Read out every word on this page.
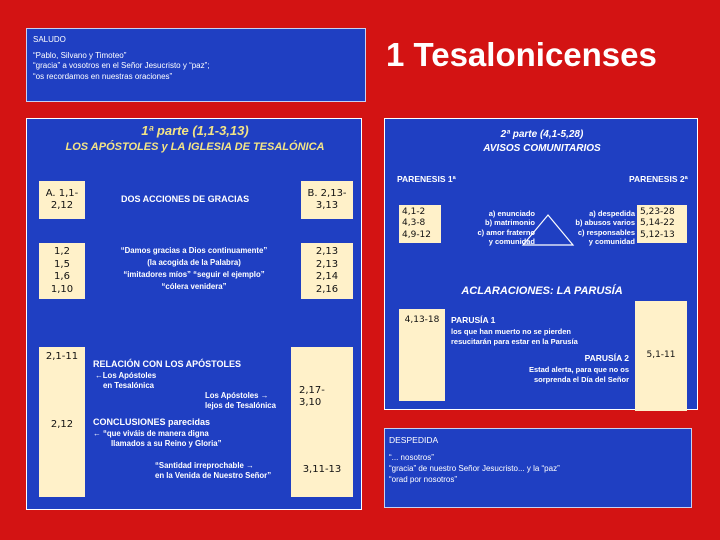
SALUDO
“Pablo, Silvano y Timoteo”
“gracia” a vosotros en el Señor Jesucristo y “paz”;
“os recordamos en nuestras oraciones”
1 Tesalonicenses
1ª parte (1,1-3,13)
LOS APÓSTOLES y LA IGLESIA DE TESALÓNICA
A. 1,1-
2,12
DOS ACCIONES DE GRACIAS
B. 2,13-
3,13
1,2
1,5
1,6
1,10
“Damos gracias a Dios continuamente”
(la acogida de la Palabra)
“imitadores míos” “seguir el ejemplo”
“cólera venidera”
2,13
2,13
2,14
2,16
2,1-11
2,12
2,17-
3,10
3,11-13
RELACIÓN CON LOS APÓSTOLES
←Los Apóstoles
en Tesalónica
Los Apóstoles →
lejos de Tesalónica
CONCLUSIONES parecidas
← “que viváis de manera digna
llamados a su Reino y Gloria”
“Santidad irreprochable →
en la Venida de Nuestro Señor”
2ª parte (4,1-5,28)
AVISOS COMUNITARIOS
PARENESIS 1ª	PARENESIS 2ª
4,1-2
4,3-8
4,9-12
5,23-28
5,14-22
5,12-13
a) enunciado
b) matrimonio
c) amor fraterno
y comunidad
a) despedida
b) abusos varios
c) responsables
y comunidad
ACLARACIONES: LA PARUSÍA
4,13-18
5,1-11
PARUSÍA 1
los que han muerto no se pierden
resucitarán para estar en la Parusía
PARUSÍA 2
Estad alerta, para que no os
sorprenda el Día del Señor
DESPEDIDA
“... nosotros”
“gracia” de nuestro Señor Jesucristo... y la “paz”
“orad por nosotros”
